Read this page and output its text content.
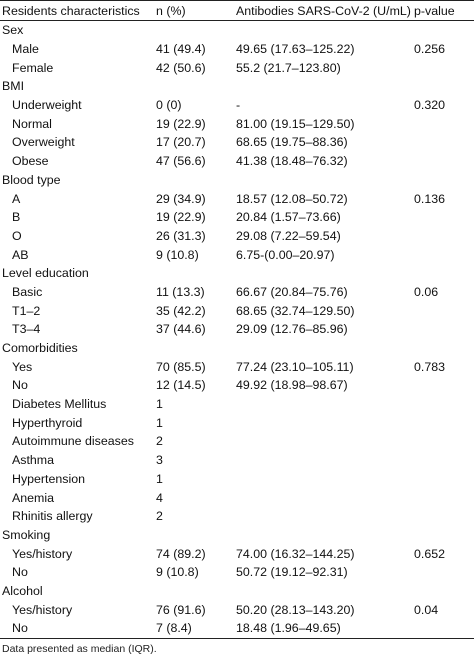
Residents characteristics	n (%)	Antibodies SARS-CoV-2 (U/mL)	p-value
Sex			
Male	41 (49.4)	49.65 (17.63–125.22)	0.256
Female	42 (50.6)	55.2 (21.7–123.80)	
BMI			
Underweight	0 (0)	-	0.320
Normal	19 (22.9)	81.00 (19.15–129.50)	
Overweight	17 (20.7)	68.65 (19.75–88.36)	
Obese	47 (56.6)	41.38 (18.48–76.32)	
Blood type			
A	29 (34.9)	18.57 (12.08–50.72)	0.136
B	19 (22.9)	20.84 (1.57–73.66)	
O	26 (31.3)	29.08 (7.22–59.54)	
AB	9 (10.8)	6.75-(0.00–20.97)	
Level education			
Basic	11 (13.3)	66.67 (20.84–75.76)	0.06
T1–2	35 (42.2)	68.65 (32.74–129.50)	
T3–4	37 (44.6)	29.09 (12.76–85.96)	
Comorbidities			
Yes	70 (85.5)	77.24 (23.10–105.11)	0.783
No	12 (14.5)	49.92 (18.98–98.67)	
Diabetes Mellitus	1		
Hyperthyroid	1		
Autoimmune diseases	2		
Asthma	3		
Hypertension	1		
Anemia	4		
Rhinitis allergy	2		
Smoking			
Yes/history	74 (89.2)	74.00 (16.32–144.25)	0.652
No	9 (10.8)	50.72 (19.12–92.31)	
Alcohol			
Yes/history	76 (91.6)	50.20 (28.13–143.20)	0.04
No	7 (8.4)	18.48 (1.96–49.65)	
Data presented as median (IQR).
